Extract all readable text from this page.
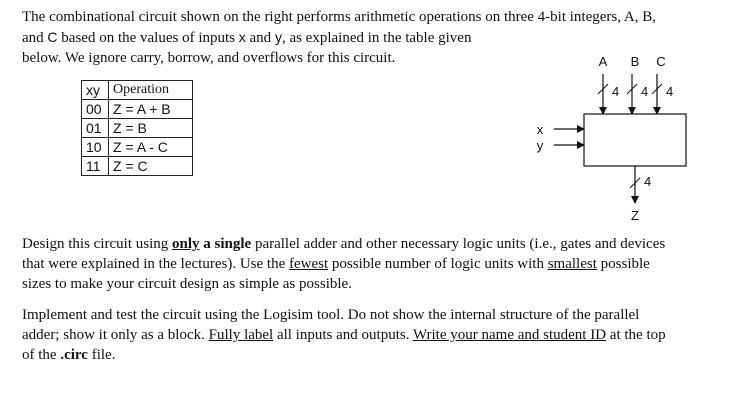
The combinational circuit shown on the right performs arithmetic operations on three 4-bit integers, A, B,
and C based on the values of inputs x and y, as explained in the table given
below. We ignore carry, borrow, and overflows for this circuit.
xy	Operation
00	Z = A + B
01	Z = B
10	Z = A - C
11	Z = C
A B C
4 4 4
x
y
4
Z
Design this circuit using only a single parallel adder and other necessary logic units (i.e., gates and devices
that were explained in the lectures). Use the fewest possible number of logic units with smallest possible
sizes to make your circuit design as simple as possible.
Implement and test the circuit using the Logisim tool. Do not show the internal structure of the parallel
adder; show it only as a block. Fully label all inputs and outputs. Write your name and student ID at the top
of the .circ file.
